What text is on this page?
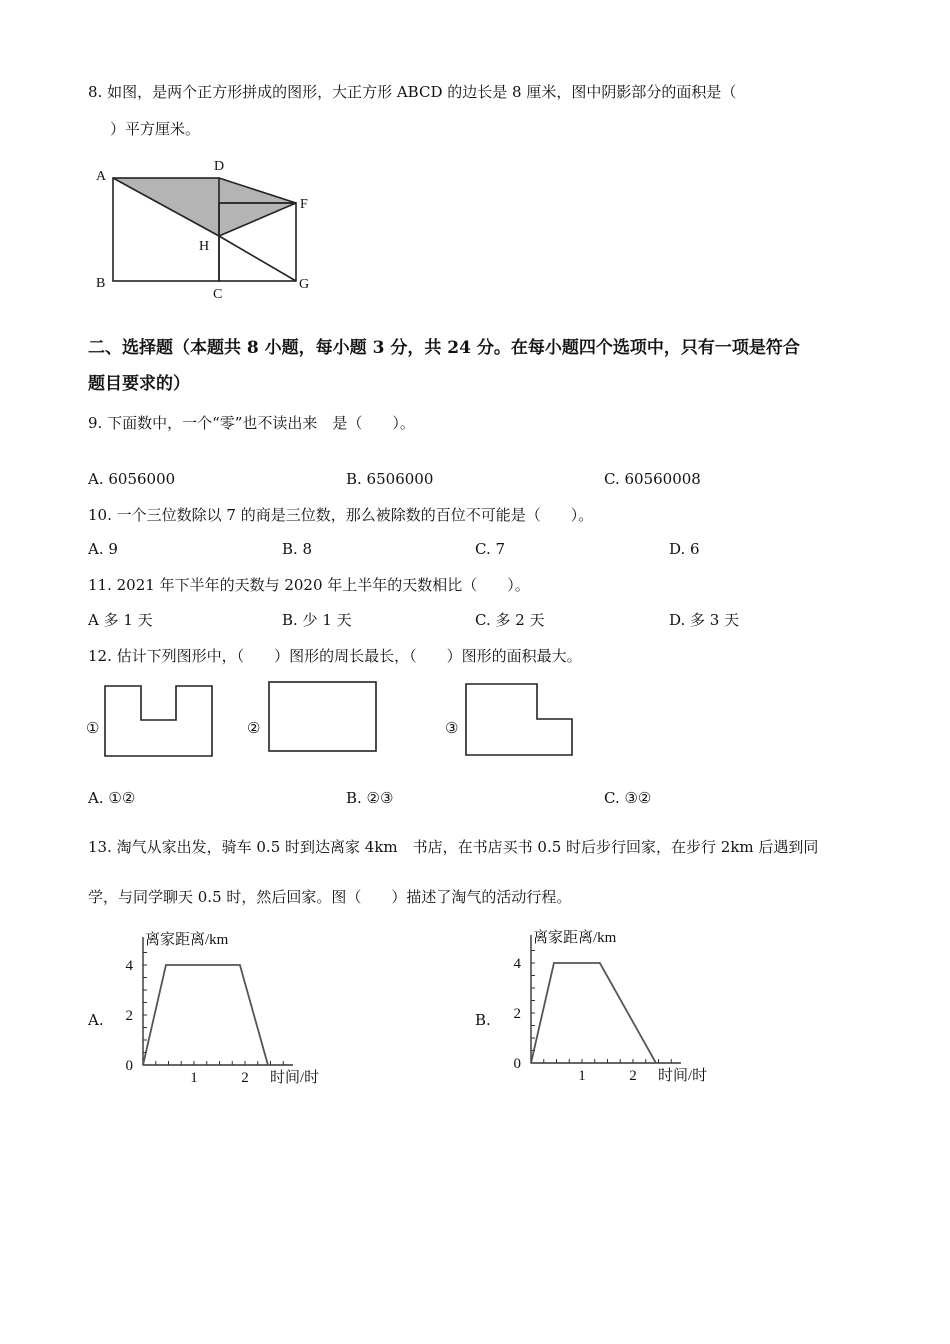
8. 如图，是两个正方形拼成的图形，大正方形 ABCD 的边长是 8 厘米，图中阴影部分的面积是（
）平方厘米。
A
B
C
D
F
G
H
二、选择题（本题共 8 小题，每小题 3 分，共 24 分。在每小题四个选项中，只有一项是符合
题目要求的）
9. 下面数中，一个“零”也不读出来　是（　　）。
A. 6056000	B. 6506000	C. 60560008
10. 一个三位数除以 7 的商是三位数，那么被除数的百位不可能是（　　）。
A. 9	B. 8	C. 7	D. 6
11. 2021 年下半年的天数与 2020 年上半年的天数相比（　　）。
A 多 1 天	B. 少 1 天	C. 多 2 天	D. 多 3 天
12. 估计下列图形中，（　　）图形的周长最长，（　　）图形的面积最大。
①	②	③
A. ①②	B. ②③	C. ③②
13. 淘气从家出发，骑车 0.5 时到达离家 4km　书店，在书店买书 0.5 时后步行回家，在步行 2km 后遇到同
学，与同学聊天 0.5 时，然后回家。图（　　）描述了淘气的活动行程。
A.	B.
0
2
4
1	2
离家距离/km
时间/时
0
2
4
1	2
离家距离/km
时间/时
